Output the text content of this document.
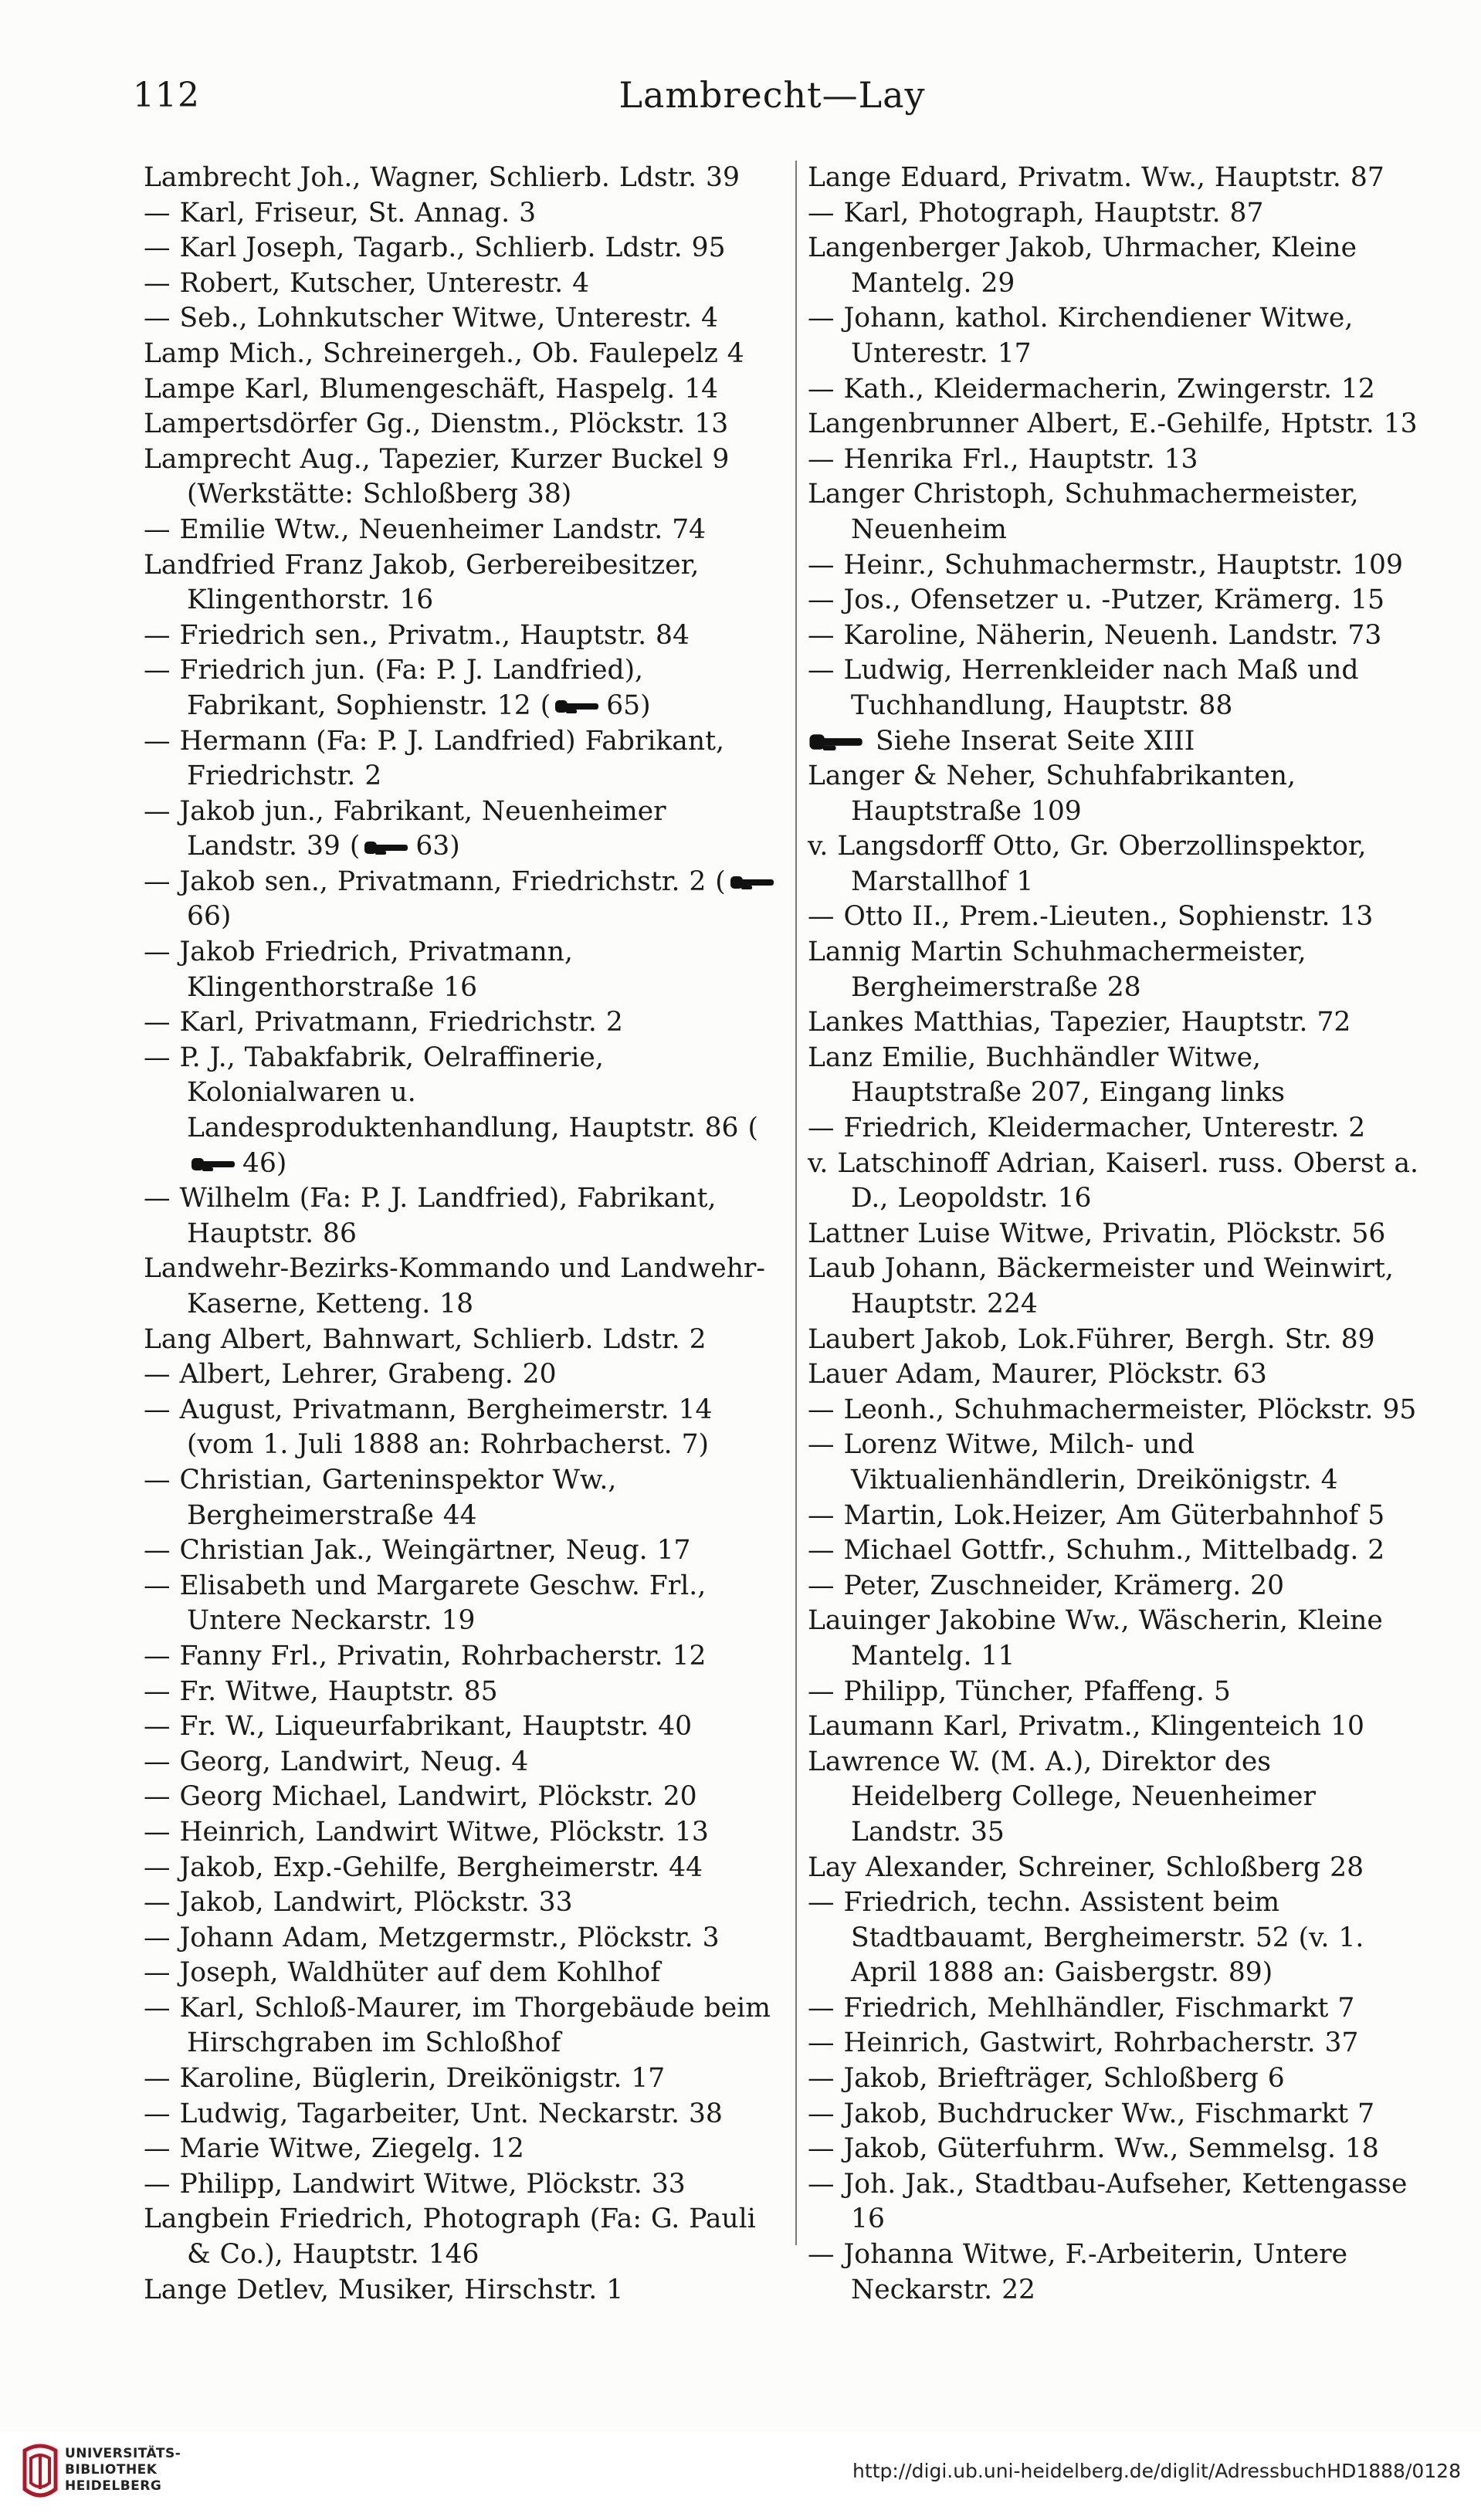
112	Lambrecht—Lay
Lambrecht Joh., Wagner, Schlierb. Ldstr. 39
— Karl, Friseur, St. Annag. 3
— Karl Joseph, Tagarb., Schlierb. Ldstr. 95
— Robert, Kutscher, Unterestr. 4
— Seb., Lohnkutscher Witwe, Unterestr. 4
Lamp Mich., Schreinergeh., Ob. Faulepelz 4
Lampe Karl, Blumengeschäft, Haspelg. 14
Lampertsdörfer Gg., Dienstm., Plöckstr. 13
Lamprecht Aug., Tapezier, Kurzer Buckel 9 (Werkstätte: Schloßberg 38)
— Emilie Wtw., Neuenheimer Landstr. 74
Landfried Franz Jakob, Gerbereibesitzer, Klingenthorstr. 16
— Friedrich sen., Privatm., Hauptstr. 84
— Friedrich jun. (Fa: P. J. Landfried), Fabrikant, Sophienstr. 12 ( 65)
— Hermann (Fa: P. J. Landfried) Fabrikant, Friedrichstr. 2
— Jakob jun., Fabrikant, Neuenheimer Landstr. 39 ( 63)
— Jakob sen., Privatmann, Friedrichstr. 2 (
66)
— Jakob Friedrich, Privatmann, Klingenthorstraße 16
— Karl, Privatmann, Friedrichstr. 2
— P. J., Tabakfabrik, Oelraffinerie, Kolonialwaren u. Landesproduktenhandlung, Hauptstr. 86 (
46)
— Wilhelm (Fa: P. J. Landfried), Fabrikant, Hauptstr. 86
Landwehr-Bezirks-Kommando und Landwehr-Kaserne, Ketteng. 18
Lang Albert, Bahnwart, Schlierb. Ldstr. 2
— Albert, Lehrer, Grabeng. 20
— August, Privatmann, Bergheimerstr. 14 (vom 1. Juli 1888 an: Rohrbacherst. 7)
— Christian, Garteninspektor Ww., Bergheimerstraße 44
— Christian Jak., Weingärtner, Neug. 17
— Elisabeth und Margarete Geschw. Frl., Untere Neckarstr. 19
— Fanny Frl., Privatin, Rohrbacherstr. 12
— Fr. Witwe, Hauptstr. 85
— Fr. W., Liqueurfabrikant, Hauptstr. 40
— Georg, Landwirt, Neug. 4
— Georg Michael, Landwirt, Plöckstr. 20
— Heinrich, Landwirt Witwe, Plöckstr. 13
— Jakob, Exp.-Gehilfe, Bergheimerstr. 44
— Jakob, Landwirt, Plöckstr. 33
— Johann Adam, Metzgermstr., Plöckstr. 3
— Joseph, Waldhüter auf dem Kohlhof
— Karl, Schloß-Maurer, im Thorgebäude beim Hirschgraben im Schloßhof
— Karoline, Büglerin, Dreikönigstr. 17
— Ludwig, Tagarbeiter, Unt. Neckarstr. 38
— Marie Witwe, Ziegelg. 12
— Philipp, Landwirt Witwe, Plöckstr. 33
Langbein Friedrich, Photograph (Fa: G. Pauli & Co.), Hauptstr. 146
Lange Detlev, Musiker, Hirschstr. 1
Lange Eduard, Privatm. Ww., Hauptstr. 87
— Karl, Photograph, Hauptstr. 87
Langenberger Jakob, Uhrmacher, Kleine Mantelg. 29
— Johann, kathol. Kirchendiener Witwe, Unterestr. 17
— Kath., Kleidermacherin, Zwingerstr. 12
Langenbrunner Albert, E.-Gehilfe, Hptstr. 13
— Henrika Frl., Hauptstr. 13
Langer Christoph, Schuhmachermeister, Neuenheim
— Heinr., Schuhmachermstr., Hauptstr. 109
— Jos., Ofensetzer u. -Putzer, Krämerg. 15
— Karoline, Näherin, Neuenh. Landstr. 73
— Ludwig, Herrenkleider nach Maß und Tuchhandlung, Hauptstr. 88
Siehe Inserat Seite XIII
Langer & Neher, Schuhfabrikanten, Hauptstraße 109
v. Langsdorff Otto, Gr. Oberzollinspektor, Marstallhof 1
— Otto II., Prem.-Lieuten., Sophienstr. 13
Lannig Martin Schuhmachermeister, Bergheimerstraße 28
Lankes Matthias, Tapezier, Hauptstr. 72
Lanz Emilie, Buchhändler Witwe, Hauptstraße 207, Eingang links
— Friedrich, Kleidermacher, Unterestr. 2
v. Latschinoff Adrian, Kaiserl. russ. Oberst a. D., Leopoldstr. 16
Lattner Luise Witwe, Privatin, Plöckstr. 56
Laub Johann, Bäckermeister und Weinwirt, Hauptstr. 224
Laubert Jakob, Lok.Führer, Bergh. Str. 89
Lauer Adam, Maurer, Plöckstr. 63
— Leonh., Schuhmachermeister, Plöckstr. 95
— Lorenz Witwe, Milch- und Viktualienhändlerin, Dreikönigstr. 4
— Martin, Lok.Heizer, Am Güterbahnhof 5
— Michael Gottfr., Schuhm., Mittelbadg. 2
— Peter, Zuschneider, Krämerg. 20
Lauinger Jakobine Ww., Wäscherin, Kleine Mantelg. 11
— Philipp, Tüncher, Pfaffeng. 5
Laumann Karl, Privatm., Klingenteich 10
Lawrence W. (M. A.), Direktor des Heidelberg College, Neuenheimer Landstr. 35
Lay Alexander, Schreiner, Schloßberg 28
— Friedrich, techn. Assistent beim Stadtbauamt, Bergheimerstr. 52 (v. 1. April 1888 an: Gaisbergstr. 89)
— Friedrich, Mehlhändler, Fischmarkt 7
— Heinrich, Gastwirt, Rohrbacherstr. 37
— Jakob, Briefträger, Schloßberg 6
— Jakob, Buchdrucker Ww., Fischmarkt 7
— Jakob, Güterfuhrm. Ww., Semmelsg. 18
— Joh. Jak., Stadtbau-Aufseher, Kettengasse 16
— Johanna Witwe, F.-Arbeiterin, Untere Neckarstr. 22
UNIVERSITÄTS-
BIBLIOTHEK
HEIDELBERG
http://digi.ub.uni-heidelberg.de/diglit/AdressbuchHD1888/0128
